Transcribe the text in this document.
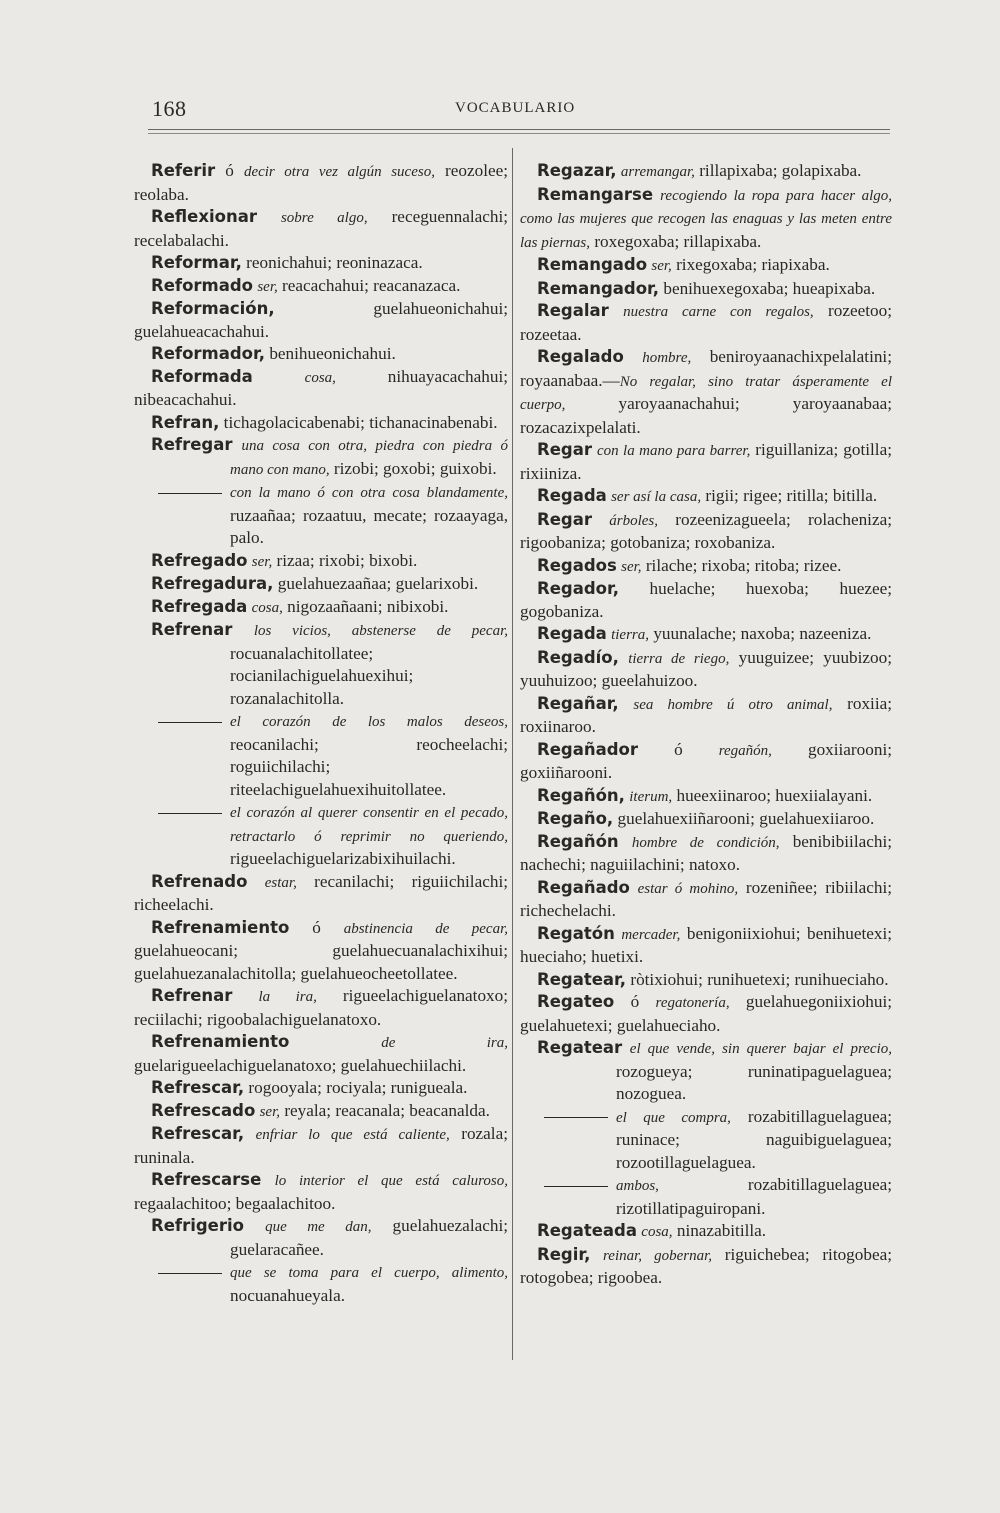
168	VOCABULARIO

Referir ó decir otra vez algún suceso, reozolee; reolaba.

Reflexionar sobre algo, receguennalachi; recelabalachi.

Reformar, reonichahui; reoninazaca.

Reformado ser, reacachahui; reacanazaca.

Reformación, guelahueonichahui; guelahueacachahui.

Reformador, benihueonichahui.

Reformada	cosa, nihuayacachahui; nibeacachahui.

Refran, tichagolacicabenabi; tichanacinabenabi.

Refregar una cosa con otra, piedra con piedra ó mano con mano, rizobi; goxobi; guixobi.

con la mano ó con otra cosa blandamente, ruzaañaa; rozaatuu, mecate; rozaayaga, palo.

Refregado ser, rizaa; rixobi; bixobi.

Refregadura, guelahuezaañaa; guelarixobi.

Refregada cosa, nigozaañaani; nibixobi.

Refrenar los vicios, abstenerse de pecar, rocuanalachitollatee; rocianilachiguelahuexihui; rozanalachitolla.

el corazón de los malos deseos, reocanilachi; reocheelachi; roguiichilachi; riteelachiguelahuexihuitollatee.

el corazón al querer consentir en el pecado, retractarlo ó reprimir no queriendo, rigueelachiguelarizabixihuilachi.

Refrenado estar, recanilachi; riguiichilachi; richeelachi.

Refrenamiento ó abstinencia de pecar, guelahueocani; guelahuecuanalachixihui; guelahuezanalachitolla; guelahueocheetollatee.

Refrenar la ira, rigueelachiguelanatoxo; reciilachi; rigoobalachiguelanatoxo.

Refrenamiento	de ira, guelarigueelachiguelanatoxo; guelahuechiilachi.

Refrescar, rogooyala; rociyala; runigueala.

Refrescado ser, reyala; reacanala; beacanalda.

Refrescar, enfriar lo que está caliente, rozala; runinala.

Refrescarse lo interior el que está caluroso, regaalachitoo; begaalachitoo.

Refrigerio que me dan, guelahuezalachi; guelaracañee.

que se toma para el cuerpo, alimento, nocuanahueyala.

Regazar, arremangar, rillapixaba; golapixaba.

Remangarse recogiendo la ropa para hacer algo, como las mujeres que recogen las enaguas y las meten entre las piernas, roxegoxaba; rillapixaba.

Remangado ser, rixegoxaba; riapixaba.

Remangador, benihuexegoxaba; hueapixaba.

Regalar nuestra carne con regalos, rozeetoo; rozeetaa.

Regalado hombre, beniroyaanachixpelalatini; royaanabaa.—No regalar, sino tratar ásperamente el cuerpo, yaroyaanachahui; yaroyaanabaa; rozacazixpelalati.

Regar con la mano para barrer, riguillaniza; gotilla; rixiiniza.

Regada ser así la casa, rigii; rigee; ritilla; bitilla.

Regar árboles, rozeenizagueela; rolacheniza; rigoobaniza; gotobaniza; roxobaniza.

Regados ser, rilache; rixoba; ritoba; rizee.

Regador, huelache; huexoba; huezee; gogobaniza.

Regada tierra, yuunalache; naxoba; nazeeniza.

Regadío, tierra de riego, yuuguizee; yuubizoo; yuuhuizoo; gueelahuizoo.

Regañar, sea hombre ú otro animal, roxiia; roxiinaroo.

Regañador ó regañón, goxiiarooni; goxiiñarooni.

Regañón, iterum, hueexiinaroo; huexiialayani.

Regaño, guelahuexiiñarooni; guelahuexiiaroo.

Regañón hombre de condición, benibibiilachi; nachechi; naguiilachini; natoxo.

Regañado estar ó mohino, rozeniñee; ribiilachi; richechelachi.

Regatón mercader, benigoniixiohui; benihuetexi; hueciaho; huetixi.

Regatear, ròtixiohui; runihuetexi; runihueciaho.

Regateo ó regatonería, guelahuegoniixiohui; guelahuetexi; guelahueciaho.

Regatear el que vende, sin querer bajar el precio, rozogueya; runinatipaguelaguea; nozoguea.

el que compra, rozabitillaguelaguea; runinace; naguibiguelaguea; rozootillaguelaguea.

ambos, rozabitillaguelaguea; rizotillatipaguiropani.

Regateada cosa, ninazabitilla.

Regir, reinar, gobernar, riguichebea; ritogobea; rotogobea; rigoobea.
